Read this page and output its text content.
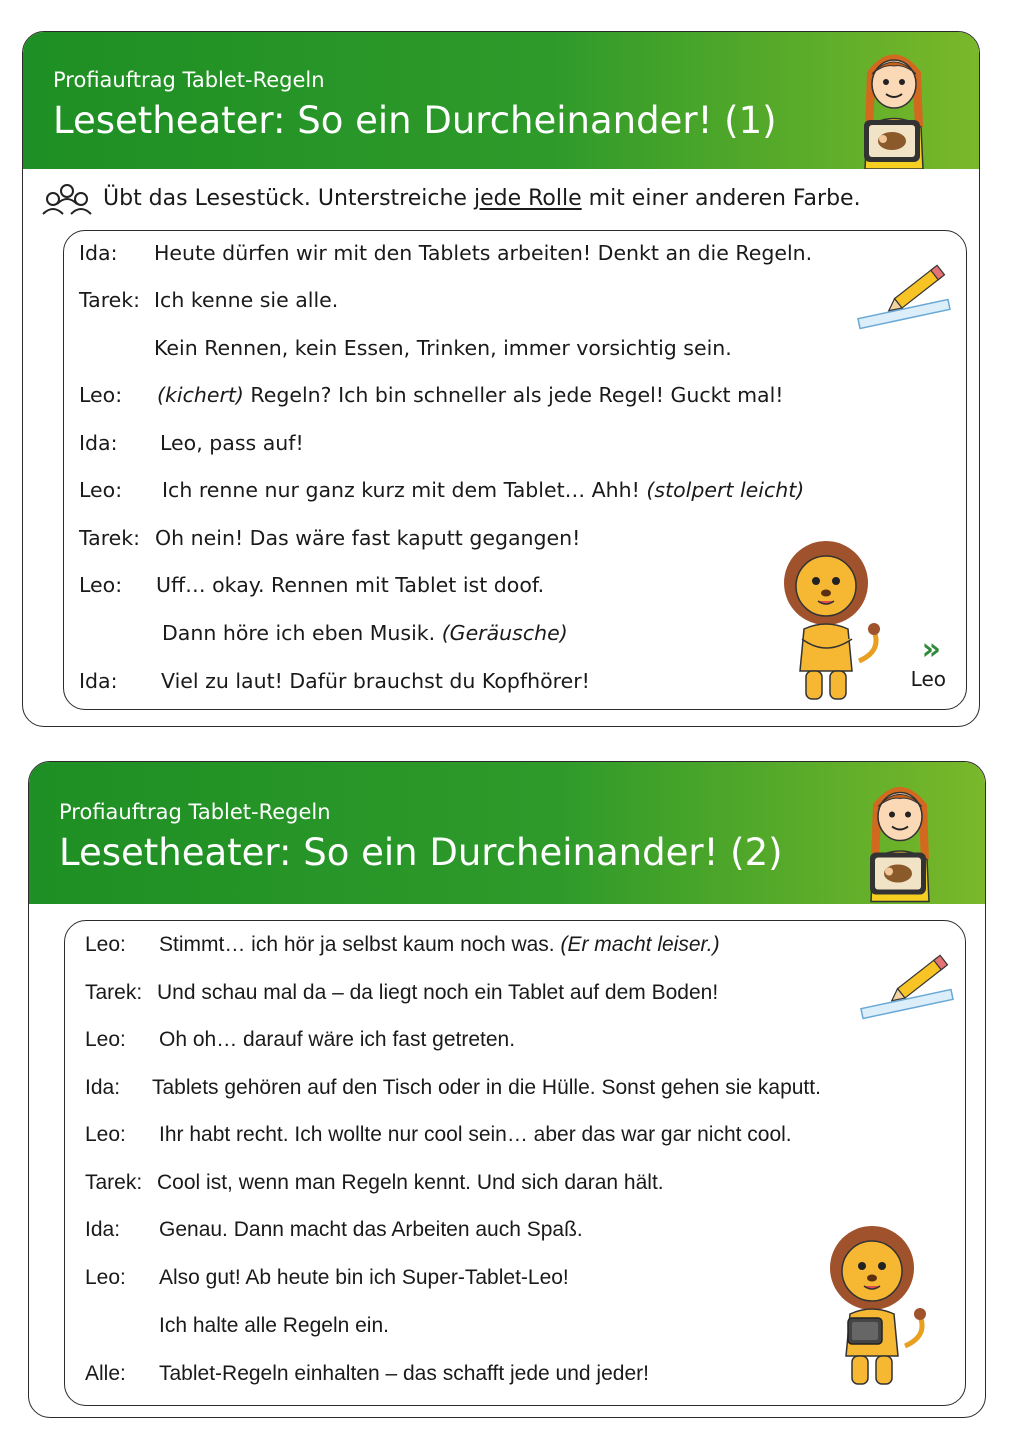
Profiauftrag Tablet-Regeln
Lesetheater: So ein Durcheinander! (1)
Übt das Lesestück. Unterstreiche jede Rolle mit einer anderen Farbe.
Ida: Heute dürfen wir mit den Tablets arbeiten! Denkt an die Regeln.
Tarek: Ich kenne sie alle.
Kein Rennen, kein Essen, Trinken, immer vorsichtig sein.
Leo: (kichert) Regeln? Ich bin schneller als jede Regel! Guckt mal!
Ida: Leo, pass auf!
Leo: Ich renne nur ganz kurz mit dem Tablet… Ahh! (stolpert leicht)
Tarek: Oh nein! Das wäre fast kaputt gegangen!
Leo: Uff… okay. Rennen mit Tablet ist doof.
Dann höre ich eben Musik. (Geräusche)
Ida: Viel zu laut! Dafür brauchst du Kopfhörer!
»
Leo
Profiauftrag Tablet-Regeln
Lesetheater: So ein Durcheinander! (2)
Leo: Stimmt… ich hör ja selbst kaum noch was. (Er macht leiser.)
Tarek: Und schau mal da – da liegt noch ein Tablet auf dem Boden!
Leo: Oh oh… darauf wäre ich fast getreten.
Ida: Tablets gehören auf den Tisch oder in die Hülle. Sonst gehen sie kaputt.
Leo: Ihr habt recht. Ich wollte nur cool sein… aber das war gar nicht cool.
Tarek: Cool ist, wenn man Regeln kennt. Und sich daran hält.
Ida: Genau. Dann macht das Arbeiten auch Spaß.
Leo: Also gut! Ab heute bin ich Super-Tablet-Leo!
Ich halte alle Regeln ein.
Alle: Tablet-Regeln einhalten – das schafft jede und jeder!
